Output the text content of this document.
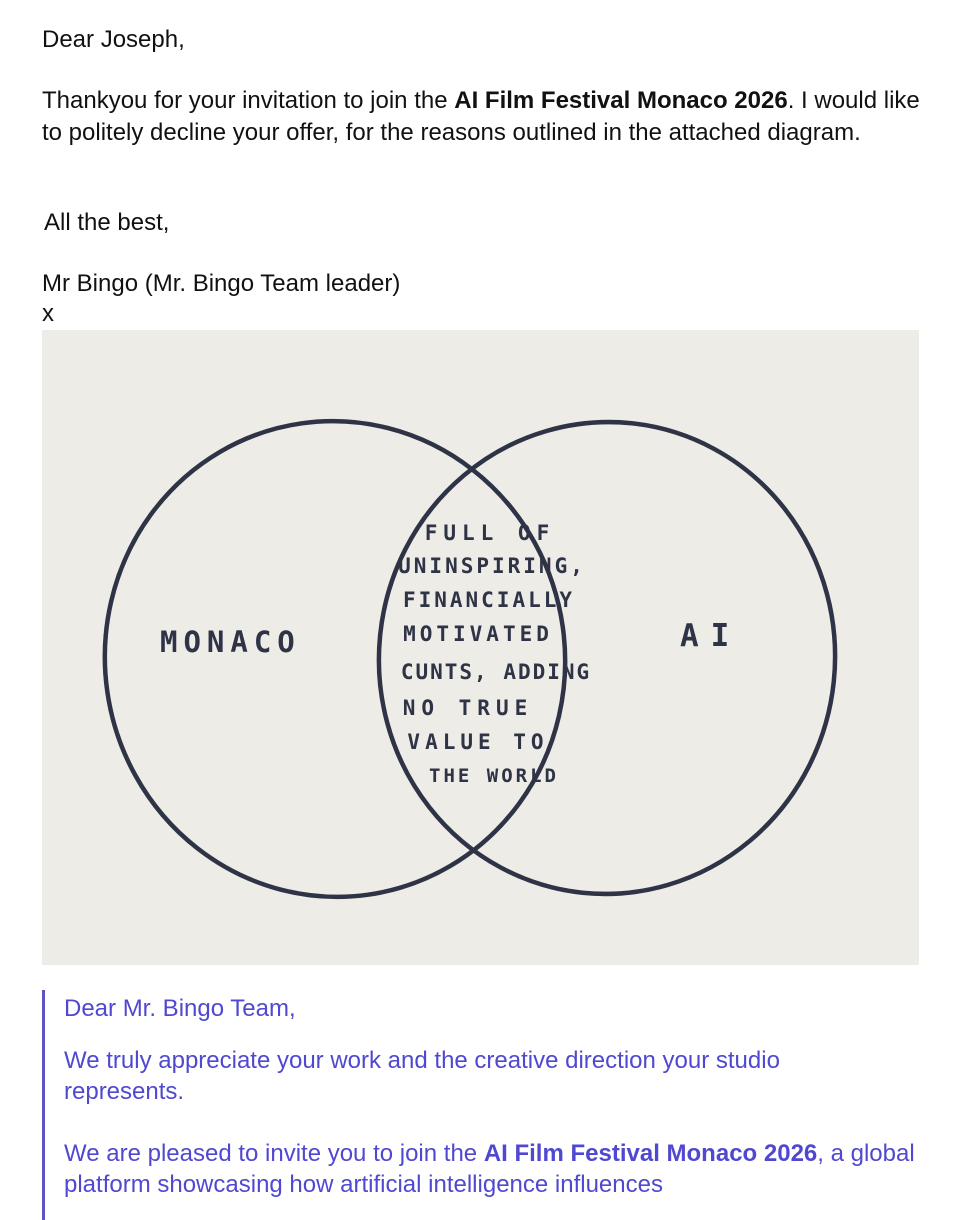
Dear Joseph,

Thankyou for your invitation to join the AI Film Festival Monaco 2026. I would like to politely decline your offer, for the reasons outlined in the attached diagram.

All the best,

Mr Bingo (Mr. Bingo Team leader)

x

MONACO	AI
FULL OF
UNINSPIRING,
FINANCIALLY
MOTIVATED
CUNTS, ADDING
NO TRUE
VALUE TO
THE WORLD

Dear Mr. Bingo Team,

We truly appreciate your work and the creative direction your studio represents.

We are pleased to invite you to join the AI Film Festival Monaco 2026, a global platform showcasing how artificial intelligence influences
